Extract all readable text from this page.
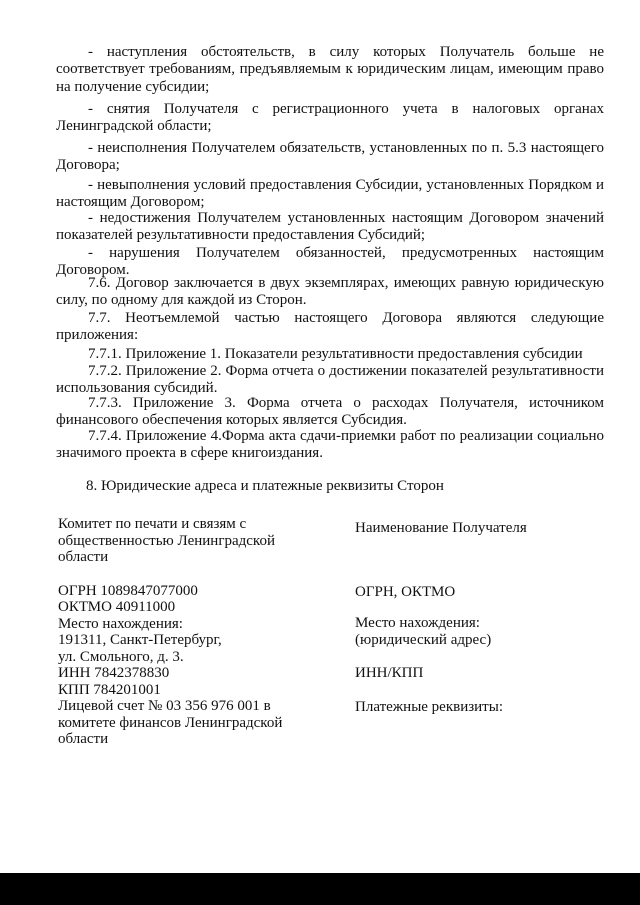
- наступления обстоятельств, в силу которых Получатель больше не соответствует требованиям, предъявляемым к юридическим лицам, имеющим право на получение субсидии;

- снятия Получателя с регистрационного учета в налоговых органах Ленинградской области;

- неисполнения Получателем обязательств, установленных по п. 5.3 настоящего Договора;

- невыполнения условий предоставления Субсидии, установленных Порядком и настоящим Договором;

- недостижения Получателем установленных настоящим Договором значений показателей результативности предоставления Субсидий;

- нарушения Получателем обязанностей, предусмотренных настоящим Договором.

7.6. Договор заключается в двух экземплярах, имеющих равную юридическую силу, по одному для каждой из Сторон.

7.7. Неотъемлемой частью настоящего Договора являются следующие приложения:

7.7.1. Приложение 1. Показатели результативности предоставления субсидии

7.7.2. Приложение 2. Форма отчета о достижении показателей результативности использования субсидий.

7.7.3. Приложение 3. Форма отчета о расходах Получателя, источником финансового обеспечения которых является Субсидия.

7.7.4. Приложение 4.Форма акта сдачи-приемки работ по реализации социально значимого проекта в сфере книгоиздания.

8. Юридические адреса и платежные реквизиты Сторон

Комитет по печати и связям с
общественностью Ленинградской
области
ОГРН 1089847077000
ОКТМО 40911000
Место нахождения:
191311, Санкт-Петербург,
ул. Смольного, д. 3.
ИНН 7842378830
КПП 784201001
Лицевой счет № 03 356 976 001 в
комитете финансов Ленинградской
области
Наименование Получателя
ОГРН, ОКТМО
Место нахождения:
(юридический адрес)
ИНН/КПП
Платежные реквизиты:
